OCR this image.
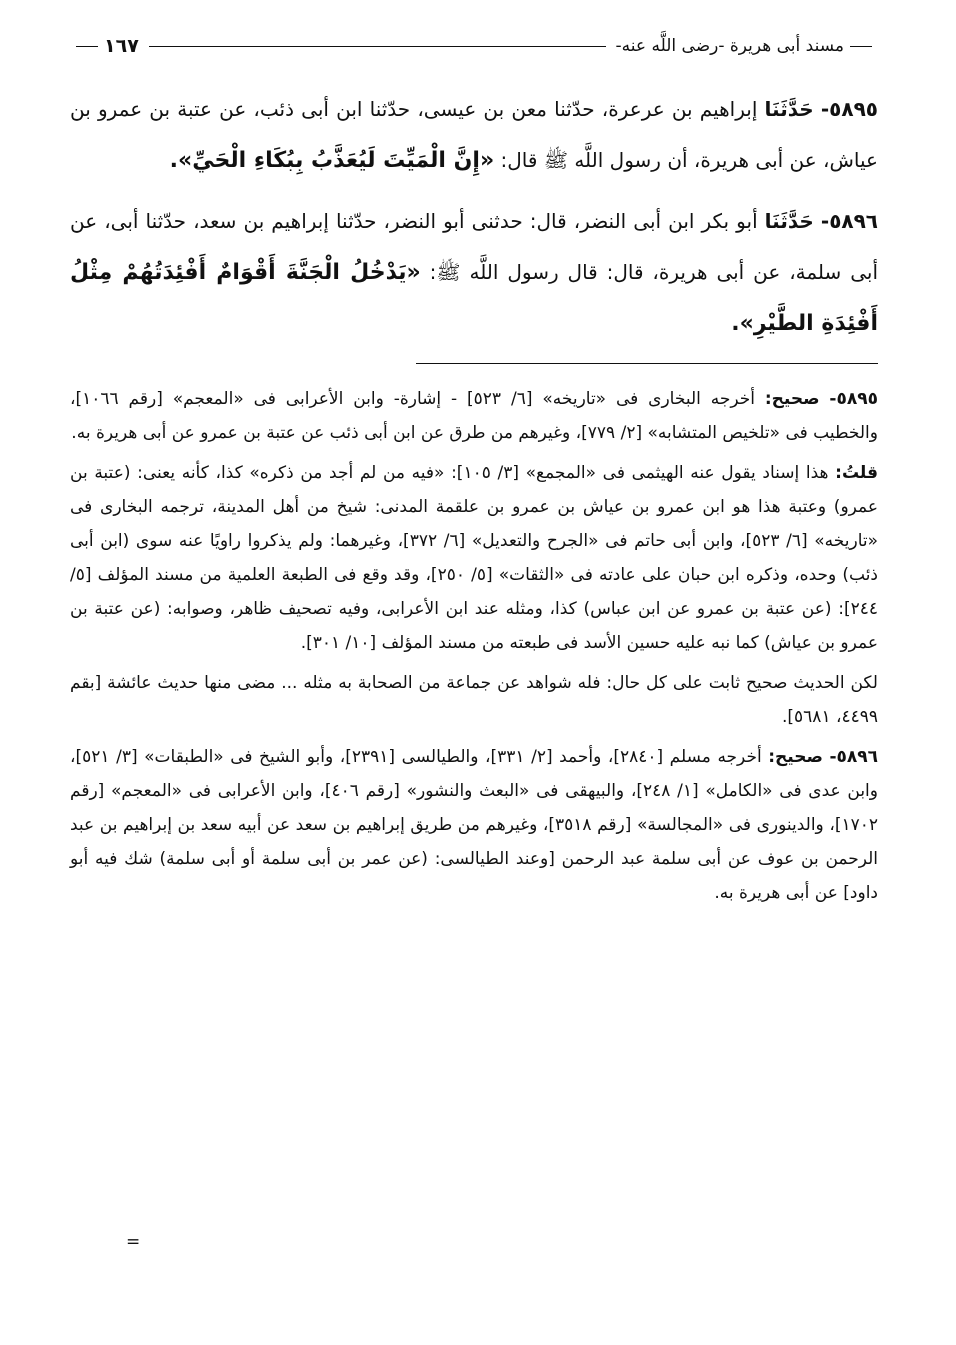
مسند أبى هريرة -رضى اللَّه عنه-
١٦٧

٥٨٩٥- حَدَّثَنَا إبراهيم بن عرعرة، حدّثنا معن بن عيسى، حدّثنا ابن أبى ذئب، عن عتبة بن عمرو بن عياش، عن أبى هريرة، أن رسول اللَّه ﷺ قال: «إِنَّ الْمَيِّتَ لَيُعَذَّبُ بِبُكَاءِ الْحَيِّ».

٥٨٩٦- حَدَّثَنَا أبو بكر ابن أبى النضر، قال: حدثنى أبو النضر، حدّثنا إبراهيم بن سعد، حدّثنا أبى، عن أبى سلمة، عن أبى هريرة، قال: قال رسول اللَّه ﷺ: «يَدْخُلُ الْجَنَّةَ أَقْوَامٌ أَفْئِدَتُهُمْ مِثْلُ أَفْئِدَةِ الطَّيْرِ».

٥٨٩٥- صحيح: أخرجه البخارى فى «تاريخه» [٦/ ٥٢٣] - إشارة- وابن الأعرابى فى «المعجم» [رقم ١٠٦٦]، والخطيب فى «تلخيص المتشابه» [٢/ ٧٧٩]، وغيرهم من طرق عن ابن أبى ذئب عن عتبة بن عمرو عن أبى هريرة به.

قلتُ: هذا إسناد يقول عنه الهيثمى فى «المجمع» [٣/ ١٠٥]: «فيه من لم أجد من ذكره» كذا، كأنه يعنى: (عتبة بن عمرو) وعتبة هذا هو ابن عمرو بن عياش بن عمرو بن علقمة المدنى: شيخ من أهل المدينة، ترجمه البخارى فى «تاريخه» [٦/ ٥٢٣]، وابن أبى حاتم فى «الجرح والتعديل» [٦/ ٣٧٢]، وغيرهما: ولم يذكروا راويًا عنه سوى (ابن أبى ذئب) وحده، وذكره ابن حبان على عادته فى «الثقات» [٥/ ٢٥٠]، وقد وقع فى الطبعة العلمية من مسند المؤلف [٥/ ٢٤٤]: (عن عتبة بن عمرو عن ابن عباس) كذا، ومثله عند ابن الأعرابى، وفيه تصحيف ظاهر، وصوابه: (عن عتبة بن عمرو بن عياش) كما نبه عليه حسين الأسد فى طبعته من مسند المؤلف [١٠/ ٣٠١].

لكن الحديث صحيح ثابت على كل حال: فله شواهد عن جماعة من الصحابة به مثله ... مضى منها حديث عائشة [بقم ٤٤٩٩، ٥٦٨١].

٥٨٩٦- صحيح: أخرجه مسلم [٢٨٤٠]، وأحمد [٢/ ٣٣١]، والطيالسى [٢٣٩١]، وأبو الشيخ فى «الطبقات» [٣/ ٥٢١]، وابن عدى فى «الكامل» [١/ ٢٤٨]، والبيهقى فى «البعث والنشور» [رقم ٤٠٦]، وابن الأعرابى فى «المعجم» [رقم ١٧٠٢]، والدينورى فى «المجالسة» [رقم ٣٥١٨]، وغيرهم من طريق إبراهيم بن سعد عن أبيه سعد بن إبراهيم بن عبد الرحمن بن عوف عن أبى سلمة عبد الرحمن [وعند الطيالسى: (عن عمر بن أبى سلمة أو أبى سلمة) شك فيه أبو داود] عن أبى هريرة به.

=
